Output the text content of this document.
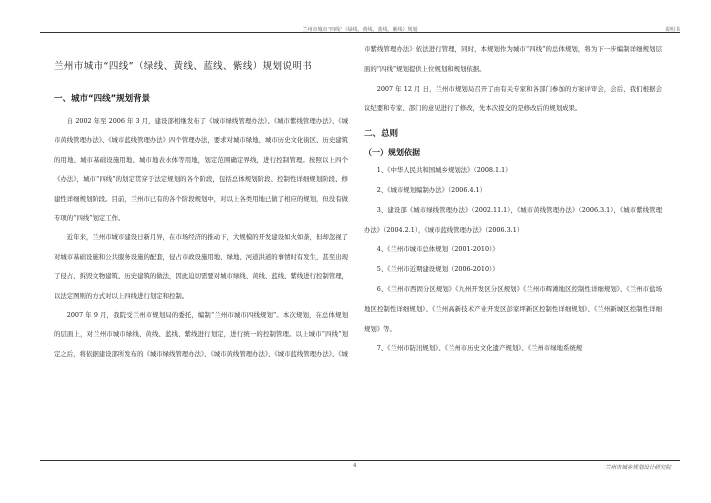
兰州市城市“四线”（绿线、黄线、蓝线、紫线）规划	说明书
兰州市城市“四线”（绿线、黄线、蓝线、紫线）规划说明书
一、城市“四线”规划背景

自 2002 年至 2006 年 3 月，建设部相继发布了《城市绿线管理办法》、《城市紫线管理办法》、《城市黄线管理办法》、《城市蓝线管理办法》四个管理办法，要求对城市绿地、城市历史文化街区、历史建筑的用地、城市基础设施用地、城市地表水体等用地，划定范围确定界线，进行控制管理。按照以上四个《办法》，城市“四线”的划定贯穿于法定规划的各个阶段，包括总体规划阶段、控制性详细规划阶段、修建性详细规划阶段。目前，兰州市已有的各个阶段规划中，对以上各类用地已做了相应的规划，但没有做专项的“四线”划定工作。

近年来，兰州市城市建设日新月异，在市场经济的推动下，大规模的开发建设如火如荼，但却忽视了对城市基础设施和公共服务设施的配套，侵占市政设施用地、绿地、河道洪道的事情时有发生，甚至出现了侵占、拆毁文物建筑、历史建筑的做法，因此迫切需要对城市绿线、黄线、蓝线、紫线进行控制管理，以法定图则的方式对以上四线进行划定和控制。

2007 年 9 月，我院受兰州市规划局的委托，编制“兰州市城市四线规划”。本次规划，在总体规划的层面上，对兰州市城市绿线、黄线、蓝线、紫线进行划定，进行统一的控制管理。以上城市“四线”划定之后，将依据建设部所发布的《城市绿线管理办法》、《城市黄线管理办法》、《城市蓝线管理办法》、《城

市紫线管理办法》依法进行管理，同时，本规划作为城市“四线”的总体规划，将为下一步编制详细规划层面的“四线”规划提供上位规划和规划依据。

2007 年 12 月 日，兰州市规划局召开了由有关专家和各部门参加的方案评审会，会后，我们根据会议纪要和专家、部门的意见进行了修改，先本次提交的是修改后的规划成果。

二、总则
（一）规划依据

1、《中华人民共和国城乡规划法》（2008.1.1）

2、《城市规划编制办法》（2006.4.1）

3、建设部《城市绿线管理办法》（2002.11.1），《城市黄线管理办法》（2006.3.1），《城市紫线管理办法》（2004.2.1），《城市蓝线管理办法》（2006.3.1）

4、《兰州市城市总体规划（2001-2010）》

5、《兰州市近期建设规划（2006-2010）》

6、《兰州市西固分区规划》《九州开发区分区规划》《兰州市辉滩地区控制性详细规划》、《兰州市盐场地区控制性详细规划》、《兰州高新技术产业开发区彭家坪新区控制性详细规划》、《兰州新城区控制性详细规划》等。

7、《兰州市防汛规划》、《兰州市历史文化遗产规划》、《兰州市绿地系统规

4	兰州市城乡规划设计研究院
